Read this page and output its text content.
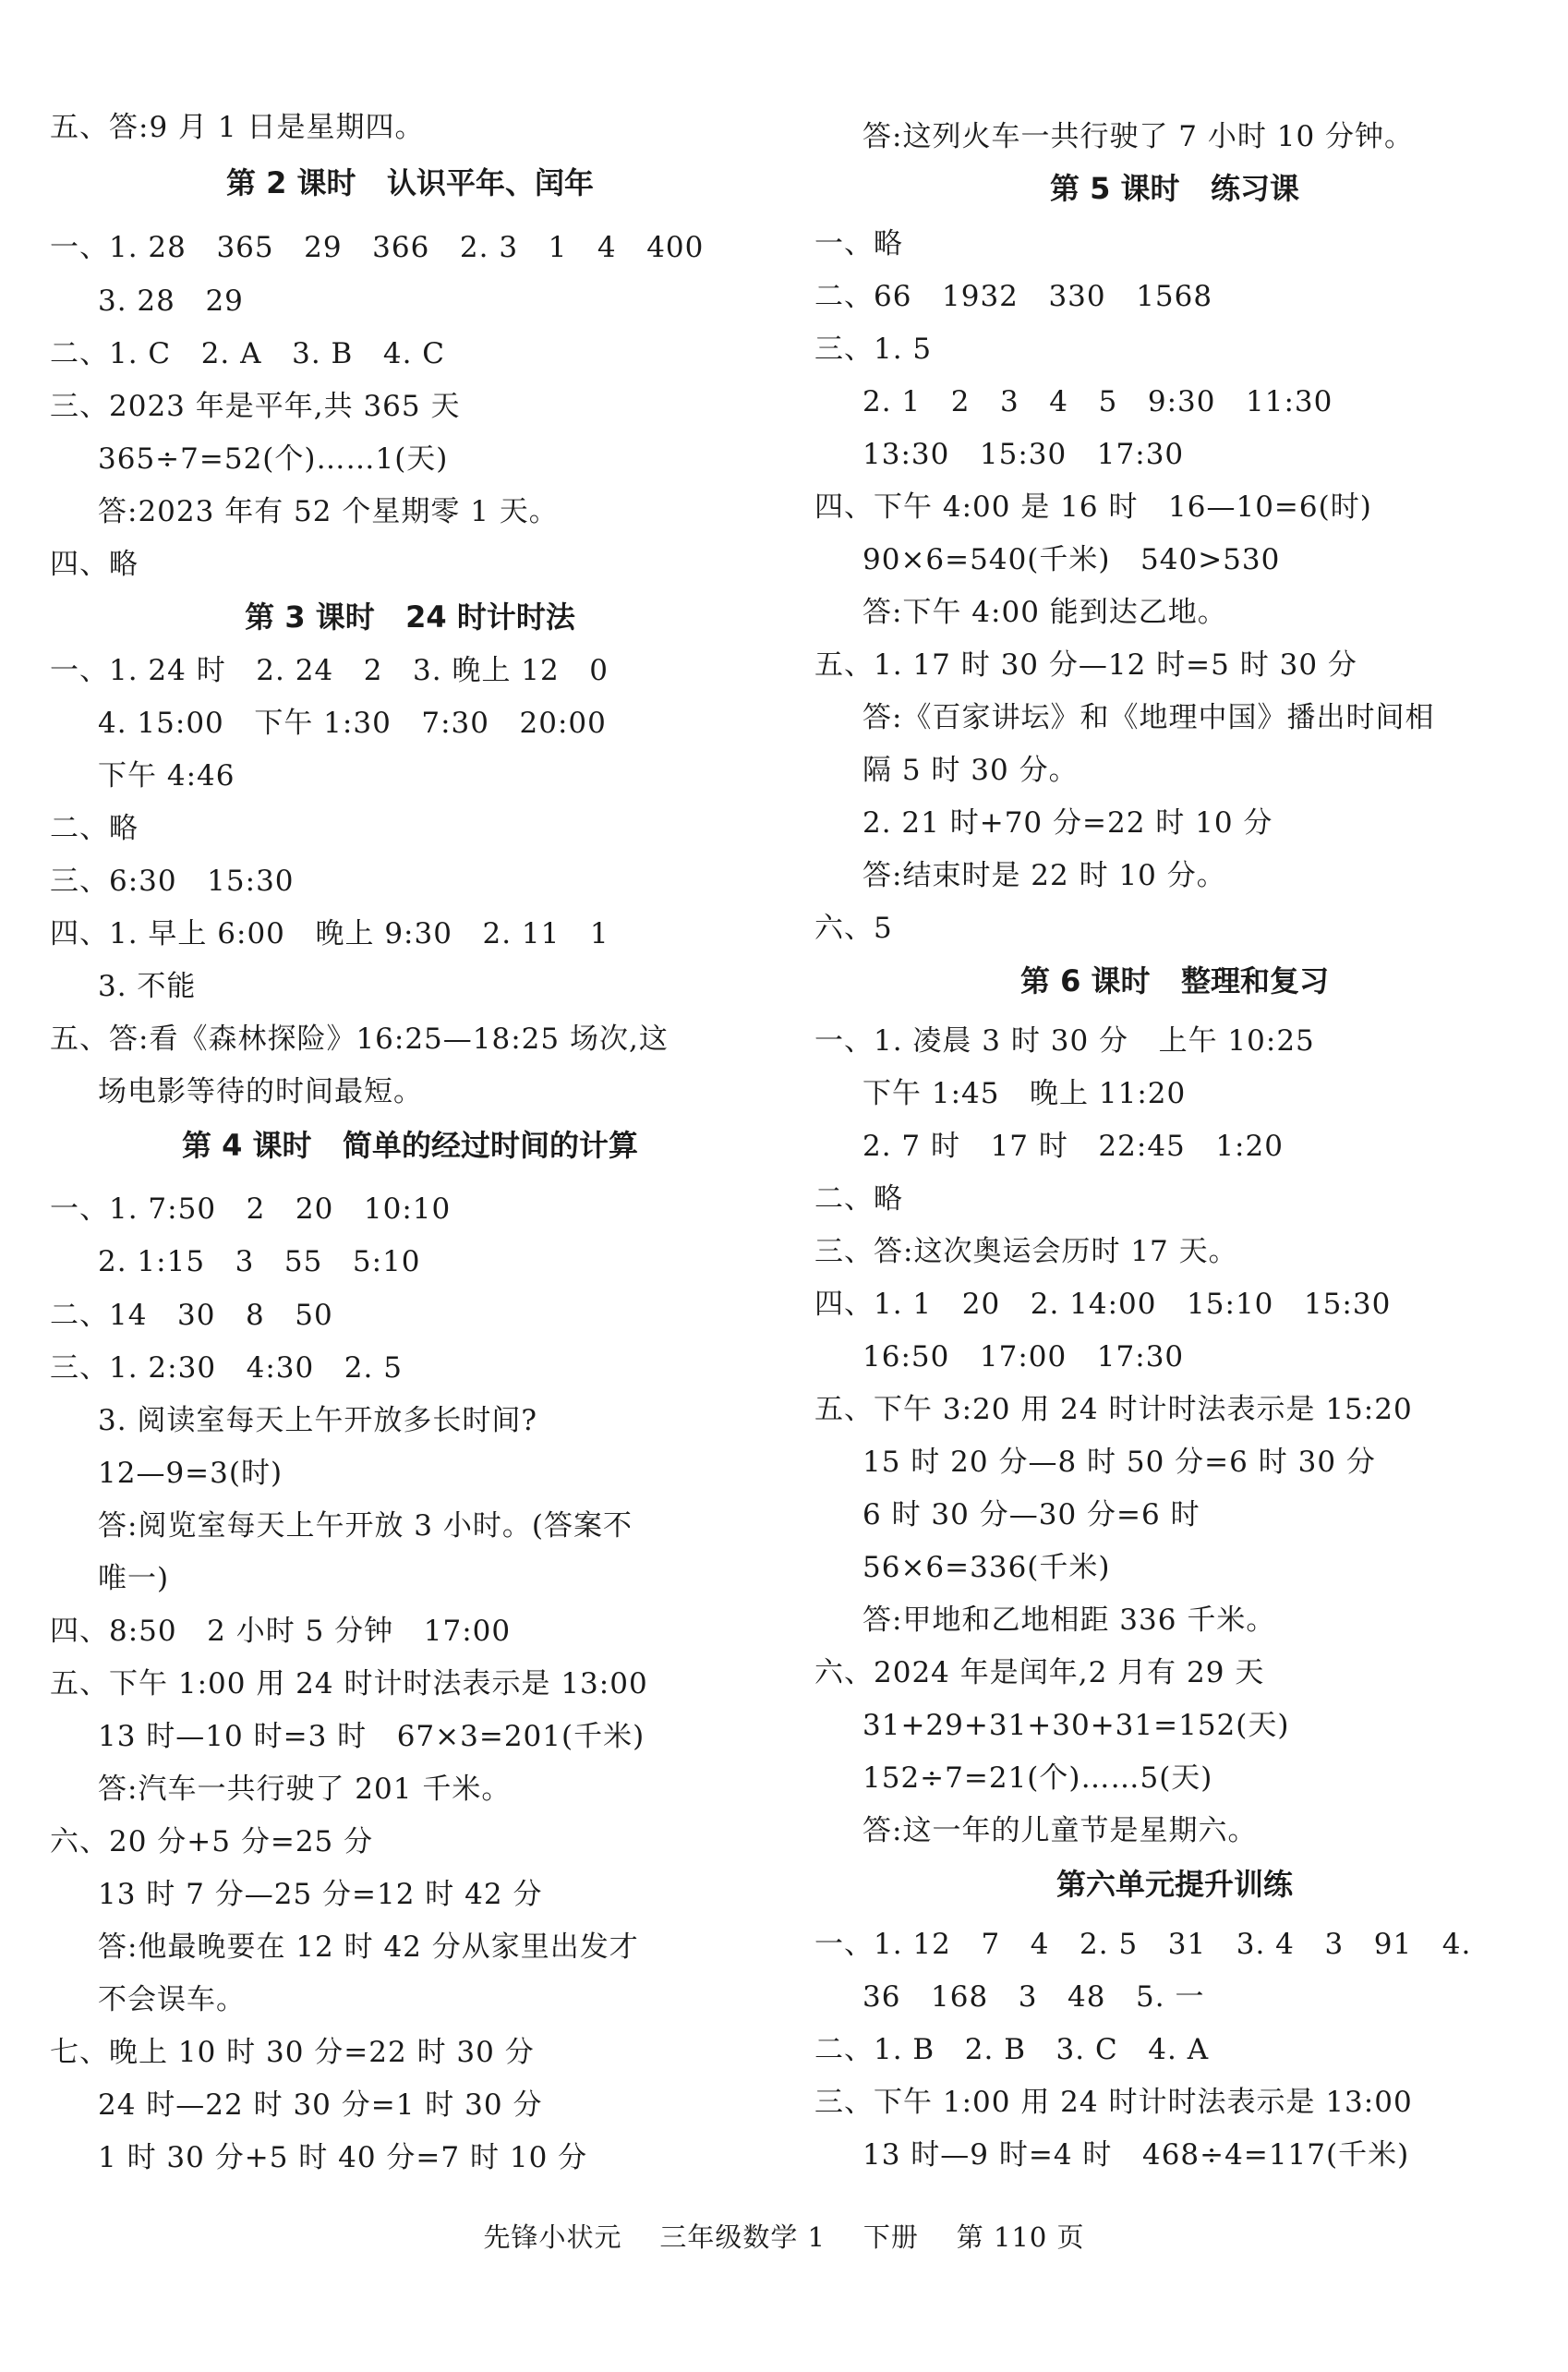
五、答:9 月 1 日是星期四。
第 2 课时   认识平年、闰年
一、1. 28   365   29   366   2. 3   1   4   400
3. 28   29
二、1. C   2. A   3. B   4. C
三、2023 年是平年,共 365 天
365÷7=52(个)……1(天)
答:2023 年有 52 个星期零 1 天。
四、略
第 3 课时   24 时计时法
一、1. 24 时   2. 24   2   3. 晚上 12   0
4. 15:00   下午 1:30   7:30   20:00
下午 4:46
二、略
三、6:30   15:30
四、1. 早上 6:00   晚上 9:30   2. 11   1
3. 不能
五、答:看《森林探险》16:25—18:25 场次,这
场电影等待的时间最短。
第 4 课时   简单的经过时间的计算
一、1. 7:50   2   20   10:10
2. 1:15   3   55   5:10
二、14   30   8   50
三、1. 2:30   4:30   2. 5
3. 阅读室每天上午开放多长时间?
12—9=3(时)
答:阅览室每天上午开放 3 小时。(答案不
唯一)
四、8:50   2 小时 5 分钟   17:00
五、下午 1:00 用 24 时计时法表示是 13:00
13 时—10 时=3 时   67×3=201(千米)
答:汽车一共行驶了 201 千米。
六、20 分+5 分=25 分
13 时 7 分—25 分=12 时 42 分
答:他最晚要在 12 时 42 分从家里出发才
不会误车。
七、晚上 10 时 30 分=22 时 30 分
24 时—22 时 30 分=1 时 30 分
1 时 30 分+5 时 40 分=7 时 10 分
答:这列火车一共行驶了 7 小时 10 分钟。
第 5 课时   练习课
一、略
二、66   1932   330   1568
三、1. 5
2. 1   2   3   4   5   9:30   11:30
13:30   15:30   17:30
四、下午 4:00 是 16 时   16—10=6(时)
90×6=540(千米)   540>530
答:下午 4:00 能到达乙地。
五、1. 17 时 30 分—12 时=5 时 30 分
答:《百家讲坛》和《地理中国》播出时间相
隔 5 时 30 分。
2. 21 时+70 分=22 时 10 分
答:结束时是 22 时 10 分。
六、5
第 6 课时   整理和复习
一、1. 凌晨 3 时 30 分   上午 10:25
下午 1:45   晚上 11:20
2. 7 时   17 时   22:45   1:20
二、略
三、答:这次奥运会历时 17 天。
四、1. 1   20   2. 14:00   15:10   15:30
16:50   17:00   17:30
五、下午 3:20 用 24 时计时法表示是 15:20
15 时 20 分—8 时 50 分=6 时 30 分
6 时 30 分—30 分=6 时
56×6=336(千米)
答:甲地和乙地相距 336 千米。
六、2024 年是闰年,2 月有 29 天
31+29+31+30+31=152(天)
152÷7=21(个)……5(天)
答:这一年的儿童节是星期六。
第六单元提升训练
一、1. 12   7   4   2. 5   31   3. 4   3   91   4.
36   168   3   48   5. 一
二、1. B   2. B   3. C   4. A
三、下午 1:00 用 24 时计时法表示是 13:00
13 时—9 时=4 时   468÷4=117(千米)
先锋小状元    三年级数学 1    下册    第 110 页
